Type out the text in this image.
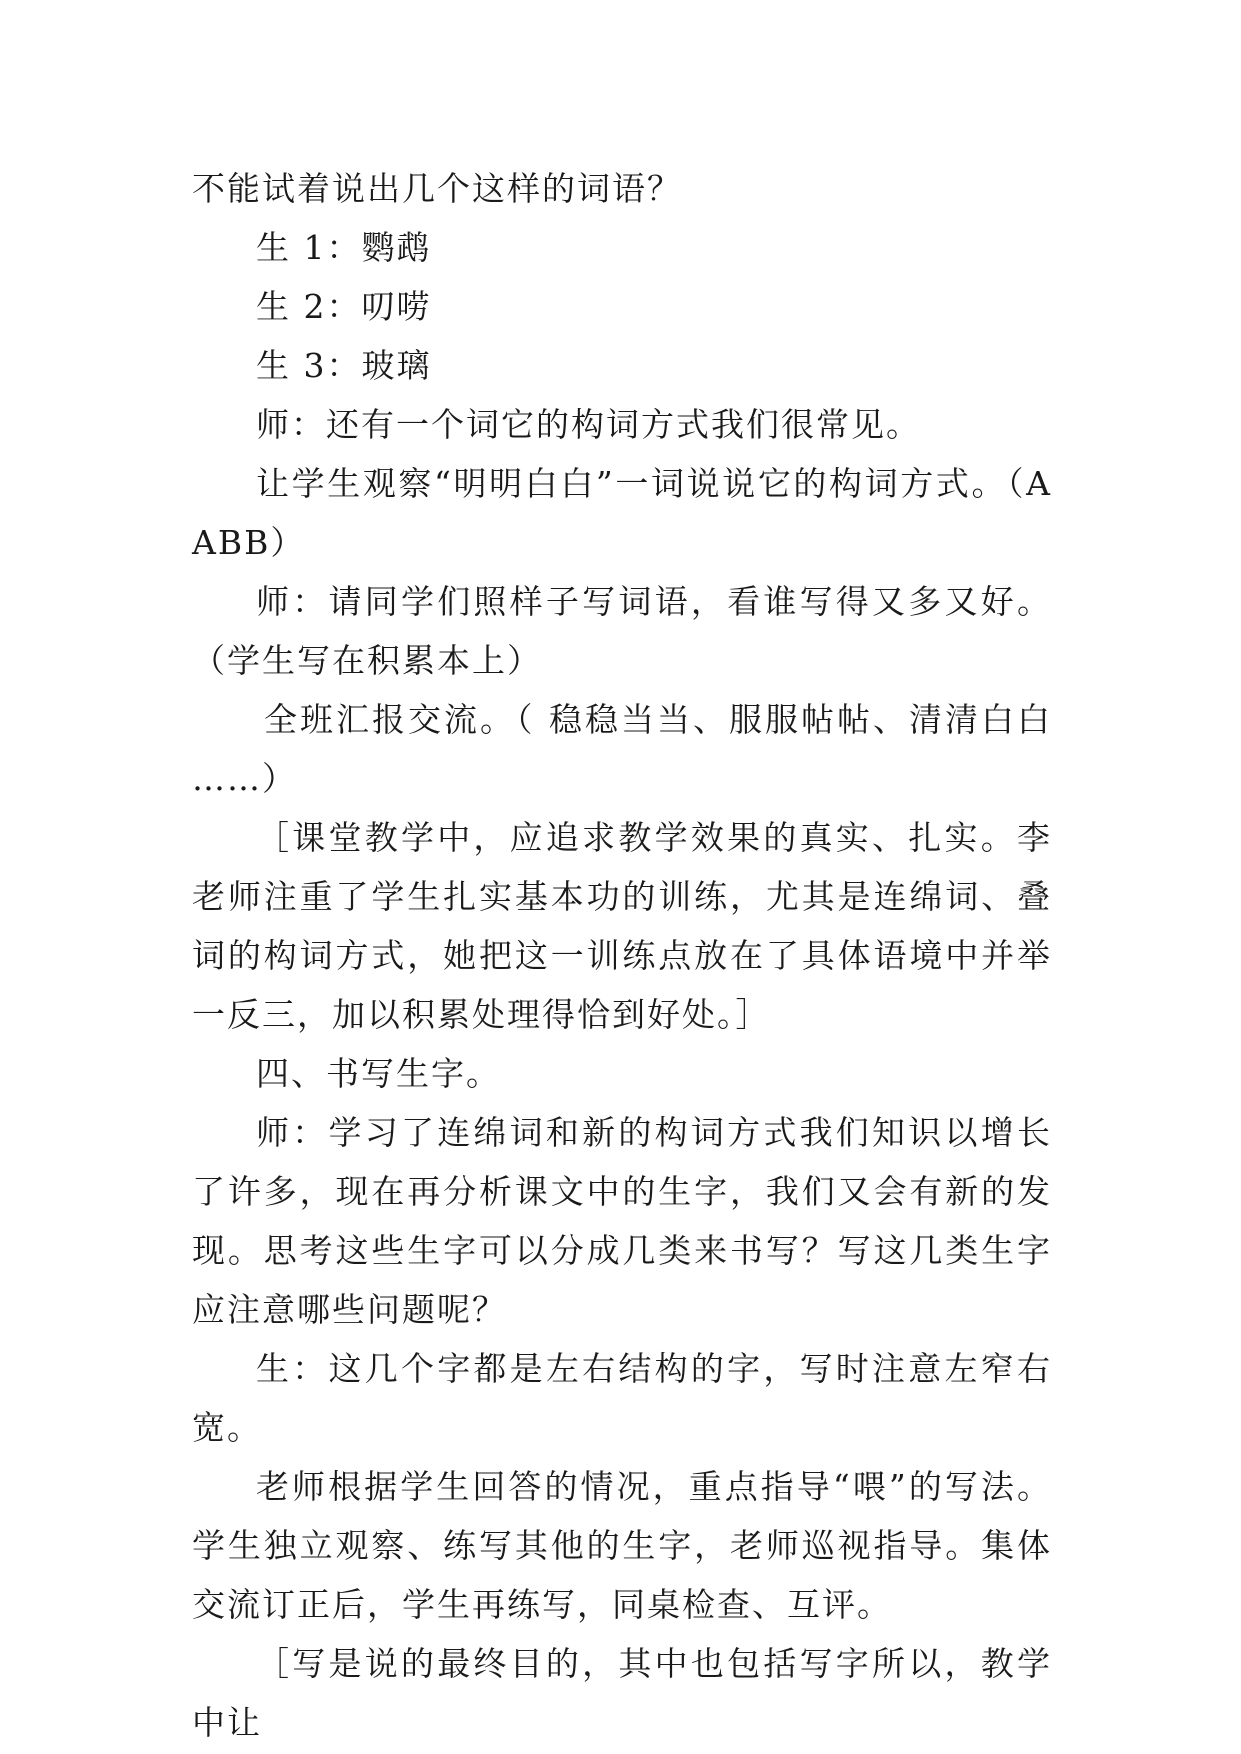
不能试着说出几个这样的词语？

生 1：鹦鹉

生 2：叨唠

生 3：玻璃

师：还有一个词它的构词方式我们很常见。

让学生观察“明明白白”一词说说它的构词方式。（AABB）

师：请同学们照样子写词语，看谁写得又多又好。（学生写在积累本上）

全班汇报交流。（ 稳稳当当、服服帖帖、清清白白 ……）

［课堂教学中，应追求教学效果的真实、扎实。李老师注重了学生扎实基本功的训练，尤其是连绵词、叠词的构词方式，她把这一训练点放在了具体语境中并举一反三，加以积累处理得恰到好处。］

四、书写生字。

师：学习了连绵词和新的构词方式我们知识以增长了许多，现在再分析课文中的生字，我们又会有新的发现。思考这些生字可以分成几类来书写？写这几类生字应注意哪些问题呢？

生：这几个字都是左右结构的字，写时注意左窄右宽。

老师根据学生回答的情况，重点指导“喂”的写法。学生独立观察、练写其他的生字，老师巡视指导。集体交流订正后，学生再练写，同桌检查、互评。

［写是说的最终目的，其中也包括写字所以，教学中让
